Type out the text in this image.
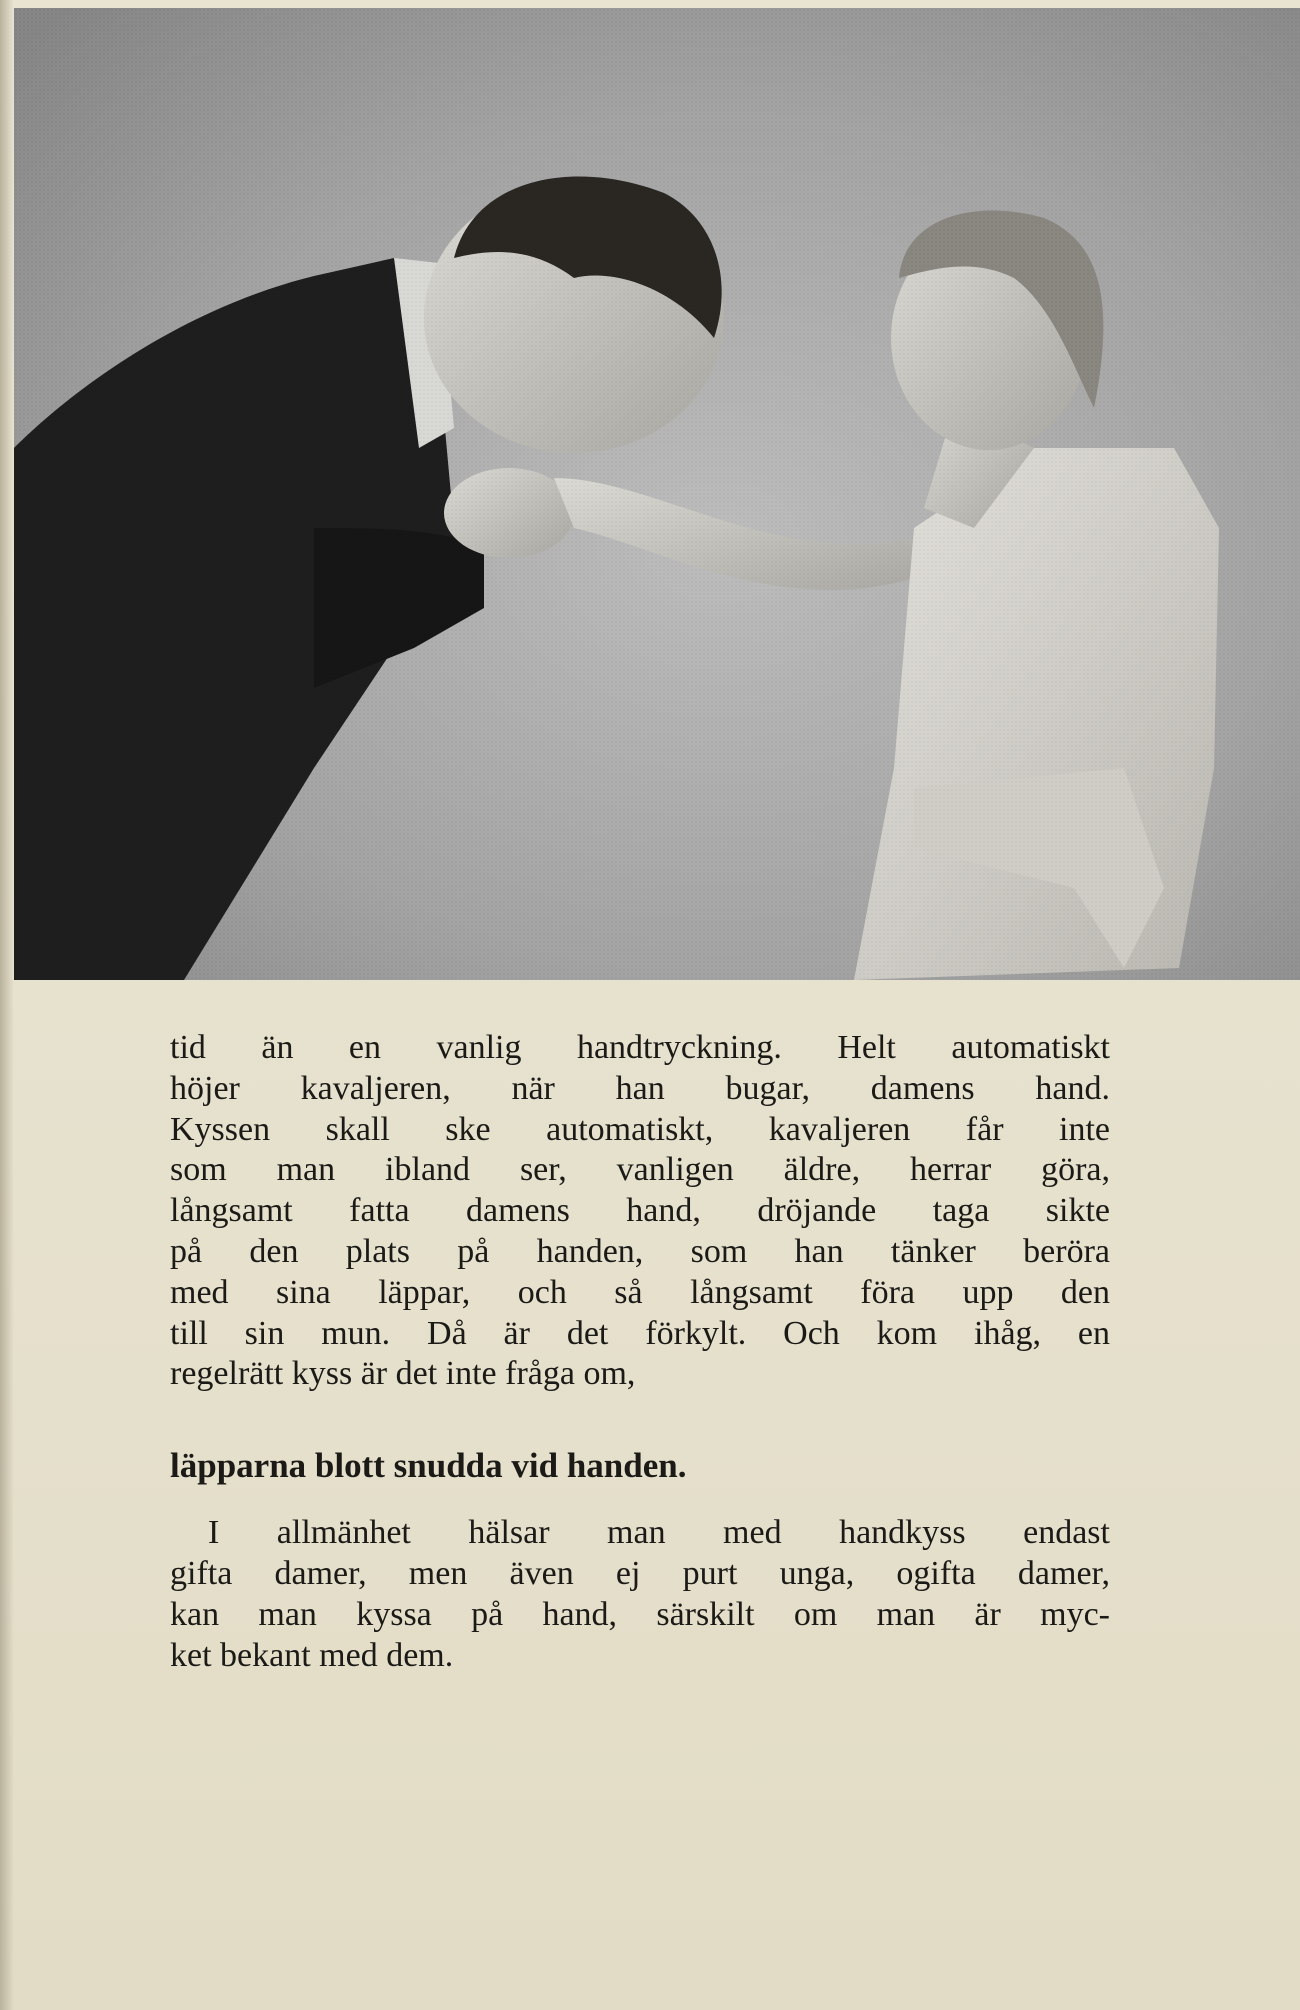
tid än en vanlig handtryckning. Helt automatiskt
höjer kavaljeren, när han bugar, damens hand.
Kyssen skall ske automatiskt, kavaljeren får inte
som man ibland ser, vanligen äldre, herrar göra,
långsamt fatta damens hand, dröjande taga sikte
på den plats på handen, som han tänker beröra
med sina läppar, och så långsamt föra upp den
till sin mun. Då är det förkylt. Och kom ihåg, en
regelrätt kyss är det inte fråga om,

läpparna blott snudda vid handen.

I allmänhet hälsar man med handkyss endast
gifta damer, men även ej purt unga, ogifta damer,
kan man kyssa på hand, särskilt om man är myc-
ket bekant med dem.
